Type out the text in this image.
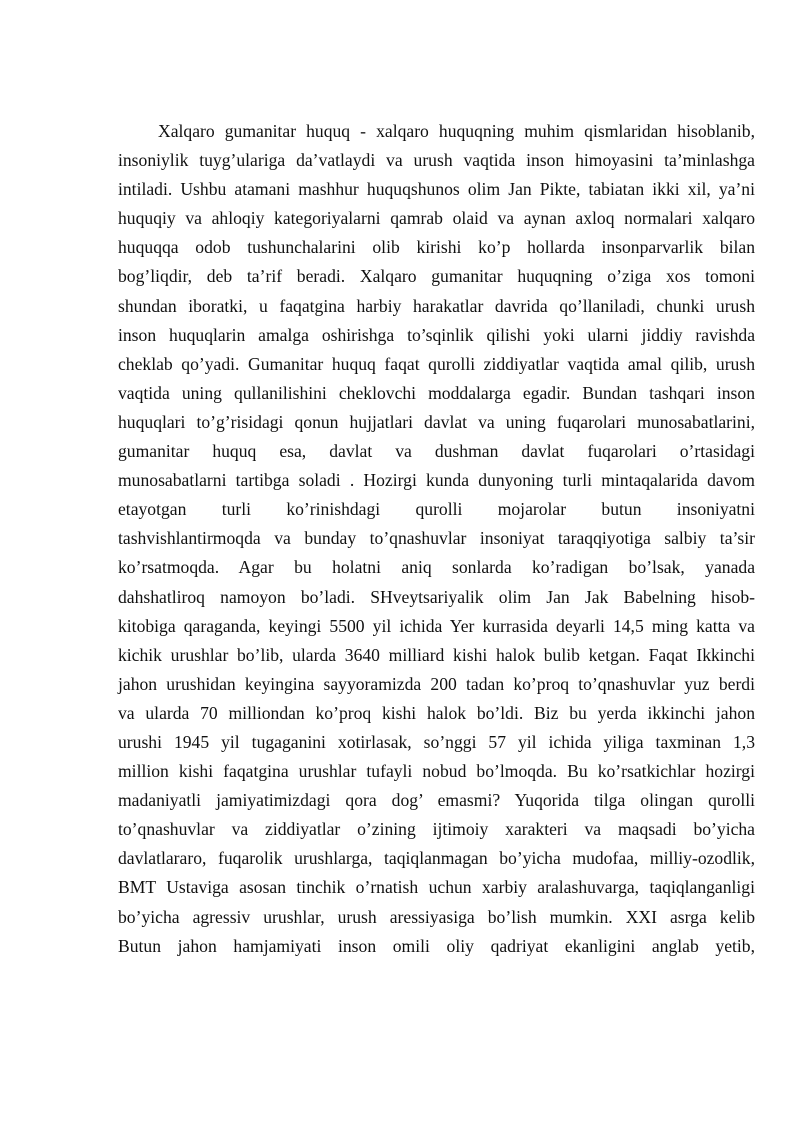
Xalqaro gumanitar huquq - xalqaro huquqning muhim qismlaridan hisoblanib,
insoniylik tuyg’ulariga da’vatlaydi va urush vaqtida inson himoyasini ta’minlashga
intiladi. Ushbu atamani mashhur huquqshunos olim Jan Pikte, tabiatan ikki xil, ya’ni
huquqiy va ahloqiy kategoriyalarni qamrab olaid va aynan axloq normalari xalqaro
huquqqa odob tushunchalarini olib kirishi ko’p hollarda insonparvarlik bilan
bog’liqdir, deb ta’rif beradi. Xalqaro gumanitar huquqning o’ziga xos tomoni
shundan iboratki, u faqatgina harbiy harakatlar davrida qo’llaniladi, chunki urush
inson huquqlarin amalga oshirishga to’sqinlik qilishi yoki ularni jiddiy ravishda
cheklab qo’yadi. Gumanitar huquq faqat qurolli ziddiyatlar vaqtida amal qilib, urush
vaqtida uning qullanilishini cheklovchi moddalarga egadir. Bundan tashqari inson
huquqlari to’g’risidagi qonun hujjatlari davlat va uning fuqarolari munosabatlarini,
gumanitar huquq esa, davlat va dushman davlat fuqarolari o’rtasidagi
munosabatlarni tartibga soladi . Hozirgi kunda dunyoning turli mintaqalarida davom
etayotgan turli ko’rinishdagi qurolli mojarolar butun insoniyatni
tashvishlantirmoqda va bunday to’qnashuvlar insoniyat taraqqiyotiga salbiy ta’sir
ko’rsatmoqda. Agar bu holatni aniq sonlarda ko’radigan bo’lsak, yanada
dahshatliroq namoyon bo’ladi. SHveytsariyalik olim Jan Jak Babelning hisob-
kitobiga qaraganda, keyingi 5500 yil ichida Yer kurrasida deyarli 14,5 ming katta va
kichik urushlar bo’lib, ularda 3640 milliard kishi halok bulib ketgan. Faqat Ikkinchi
jahon urushidan keyingina sayyoramizda 200 tadan ko’proq to’qnashuvlar yuz berdi
va ularda 70 milliondan ko’proq kishi halok bo’ldi. Biz bu yerda ikkinchi jahon
urushi 1945 yil tugaganini xotirlasak, so’nggi 57 yil ichida yiliga taxminan 1,3
million kishi faqatgina urushlar tufayli nobud bo’lmoqda. Bu ko’rsatkichlar hozirgi
madaniyatli jamiyatimizdagi qora dog’ emasmi? Yuqorida tilga olingan qurolli
to’qnashuvlar va ziddiyatlar o’zining ijtimoiy xarakteri va maqsadi bo’yicha
davlatlararo, fuqarolik urushlarga, taqiqlanmagan bo’yicha mudofaa, milliy-ozodlik,
BMT Ustaviga asosan tinchik o’rnatish uchun xarbiy aralashuvarga, taqiqlanganligi
bo’yicha agressiv urushlar, urush aressiyasiga bo’lish mumkin. XXI asrga kelib
Butun jahon hamjamiyati inson omili oliy qadriyat ekanligini anglab yetib,
